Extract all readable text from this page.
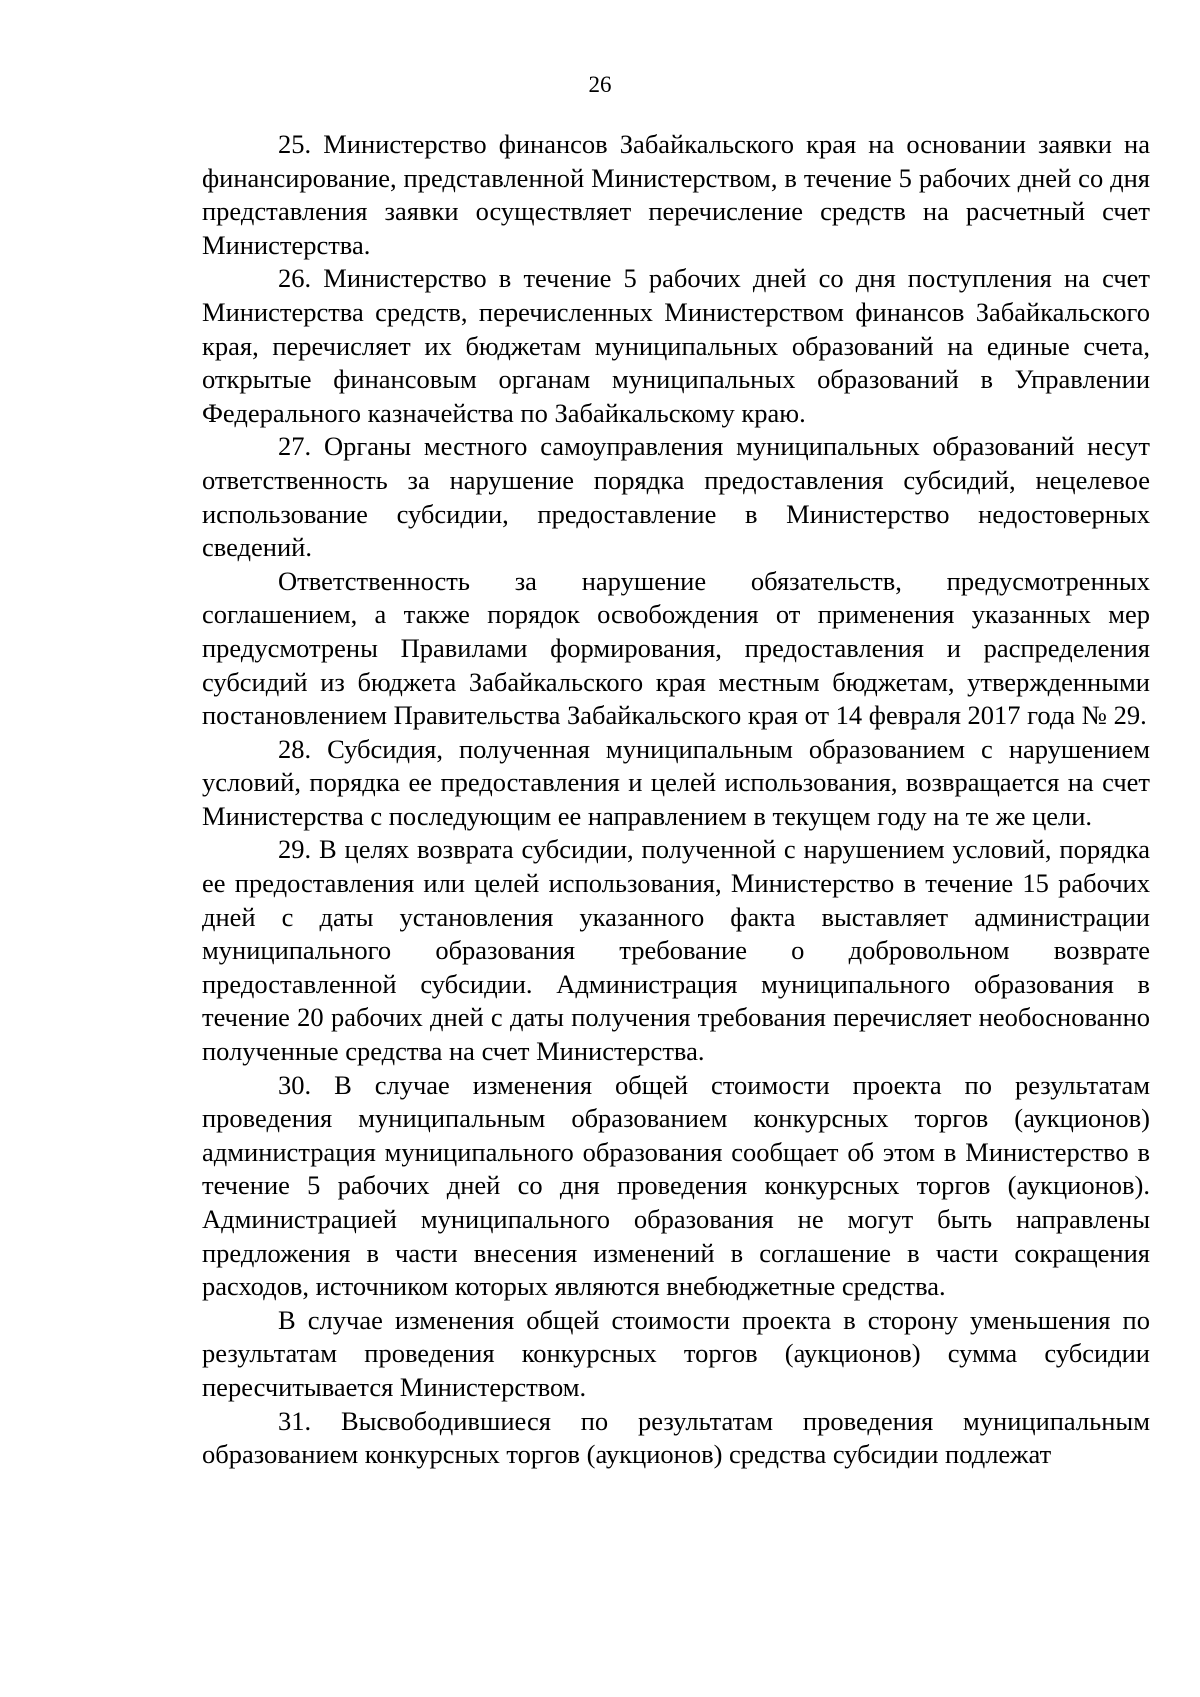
26

25. Министерство финансов Забайкальского края на основании заявки на финансирование, представленной Министерством, в течение 5 рабочих дней со дня представления заявки осуществляет перечисление средств на расчетный счет Министерства.

26. Министерство в течение 5 рабочих дней со дня поступления на счет Министерства средств, перечисленных Министерством финансов Забайкальского края, перечисляет их бюджетам муниципальных образований на единые счета, открытые финансовым органам муниципальных образований в Управлении Федерального казначейства по Забайкальскому краю.

27. Органы местного самоуправления муниципальных образований несут ответственность за нарушение порядка предоставления субсидий, нецелевое использование субсидии, предоставление в Министерство недостоверных сведений.

Ответственность за нарушение обязательств, предусмотренных соглашением, а также порядок освобождения от применения указанных мер предусмотрены Правилами формирования, предоставления и распределения субсидий из бюджета Забайкальского края местным бюджетам, утвержденными постановлением Правительства Забайкальского края от 14 февраля 2017 года № 29.

28. Субсидия, полученная муниципальным образованием с нарушением условий, порядка ее предоставления и целей использования, возвращается на счет Министерства с последующим ее направлением в текущем году на те же цели.

29. В целях возврата субсидии, полученной с нарушением условий, порядка ее предоставления или целей использования, Министерство в течение 15 рабочих дней с даты установления указанного факта выставляет администрации муниципального образования требование о добровольном возврате предоставленной субсидии. Администрация муниципального образования в течение 20 рабочих дней с даты получения требования перечисляет необоснованно полученные средства на счет Министерства.

30. В случае изменения общей стоимости проекта по результатам проведения муниципальным образованием конкурсных торгов (аукционов) администрация муниципального образования сообщает об этом в Министерство в течение 5 рабочих дней со дня проведения конкурсных торгов (аукционов). Администрацией муниципального образования не могут быть направлены предложения в части внесения изменений в соглашение в части сокращения расходов, источником которых являются внебюджетные средства.

В случае изменения общей стоимости проекта в сторону уменьшения по результатам проведения конкурсных торгов (аукционов) сумма субсидии пересчитывается Министерством.

31. Высвободившиеся по результатам проведения муниципальным образованием конкурсных торгов (аукционов) средства субсидии подлежат
